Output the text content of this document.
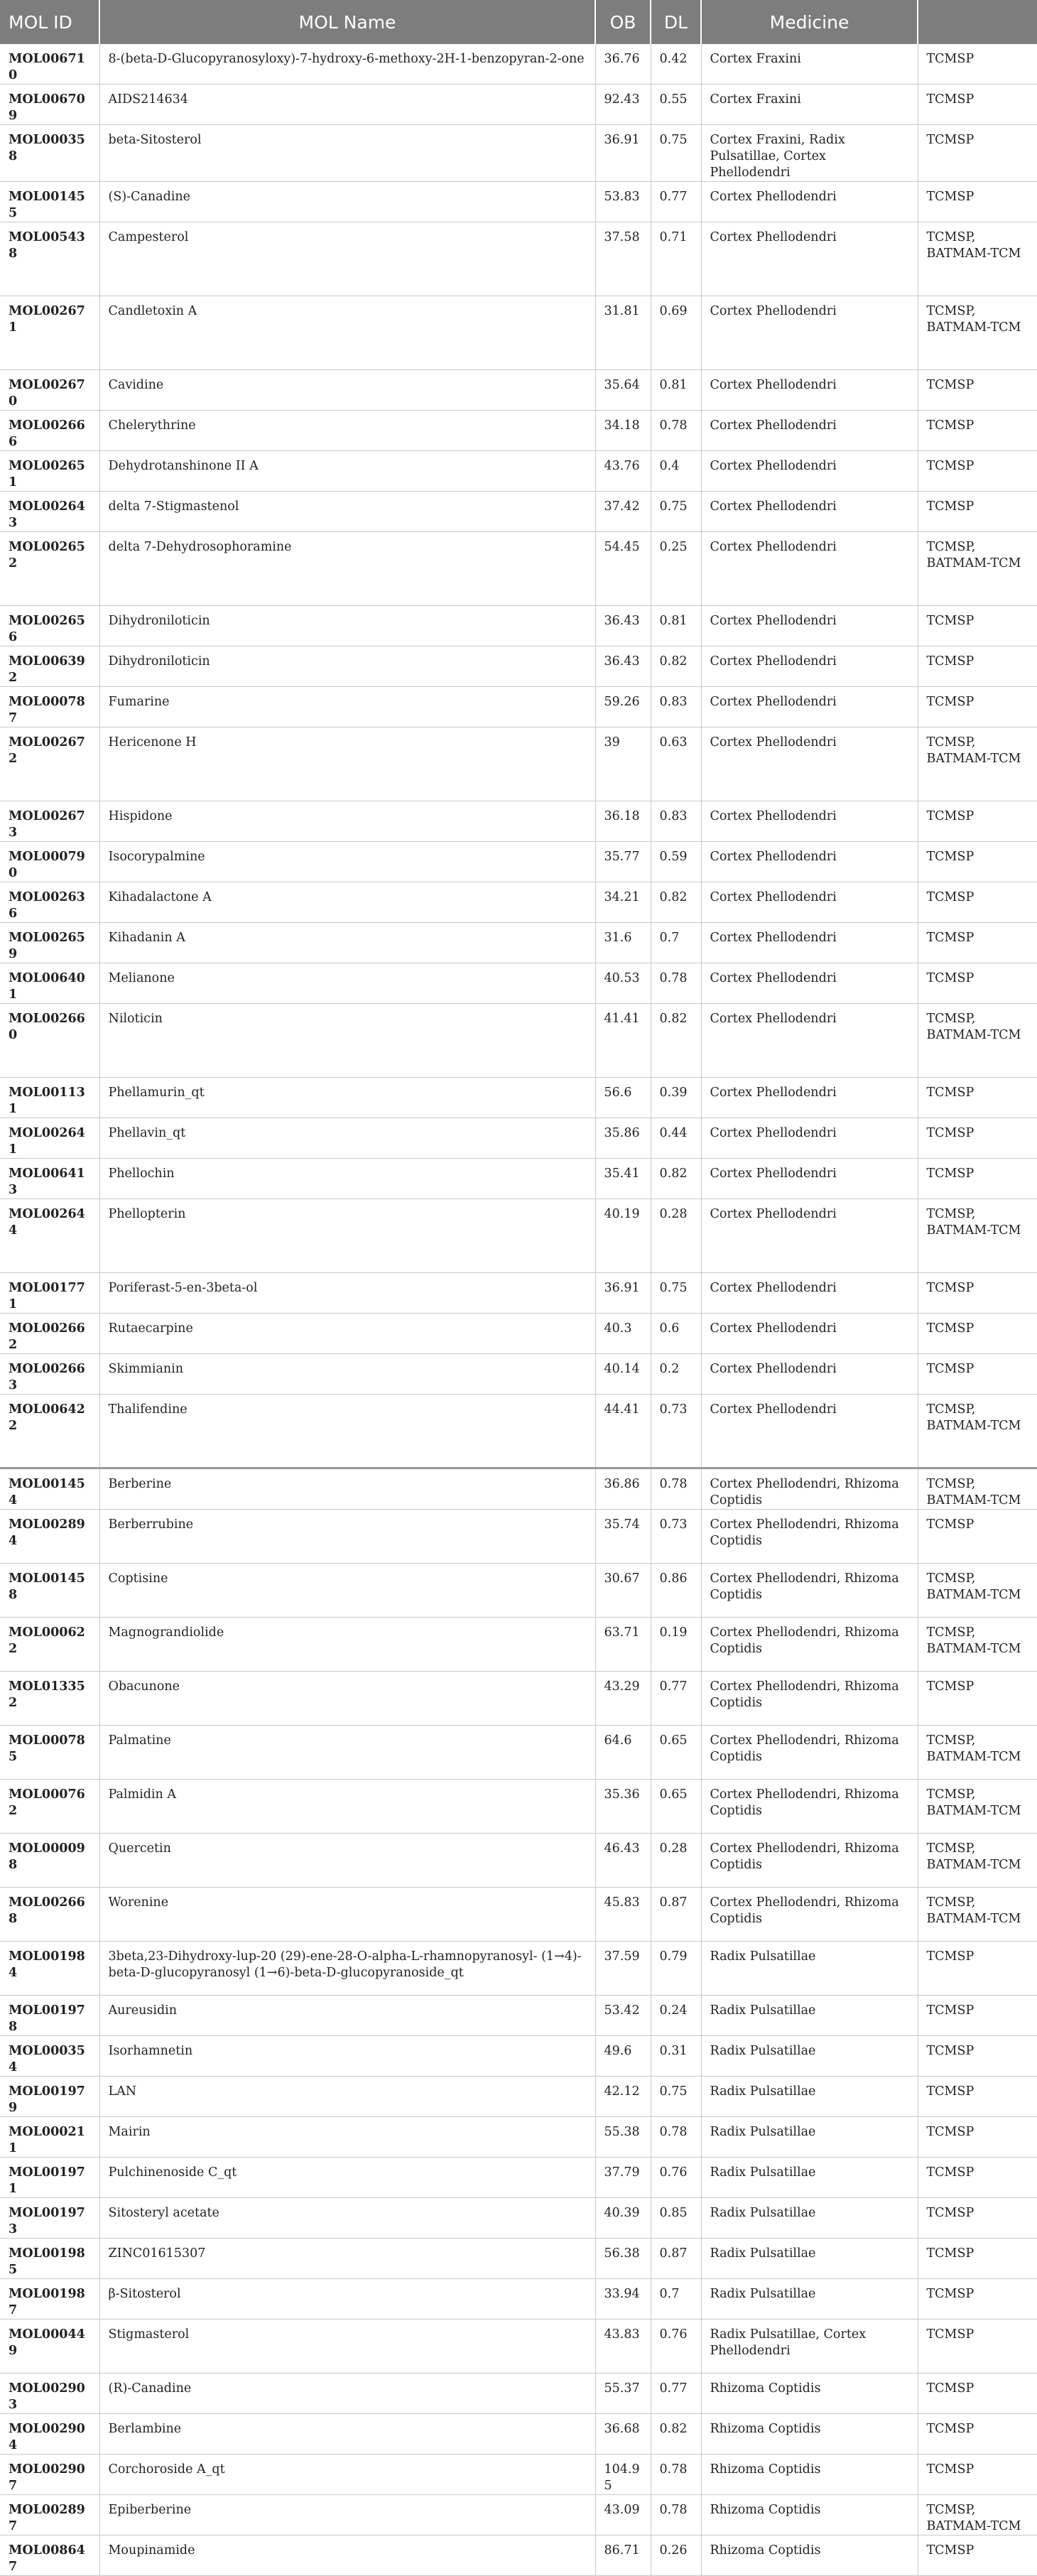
MOL ID	MOL Name	OB	DL	Medicine	
MOL006710	8-(beta-D-Glucopyranosyloxy)-7-hydroxy-6-methoxy-2H-1-benzopyran-2-one	36.76	0.42	Cortex Fraxini	TCMSP
MOL006709	AIDS214634	92.43	0.55	Cortex Fraxini	TCMSP
MOL000358	beta-Sitosterol	36.91	0.75	Cortex Fraxini, Radix Pulsatillae, Cortex Phellodendri	TCMSP
MOL001455	(S)-Canadine	53.83	0.77	Cortex Phellodendri	TCMSP
MOL005438	Campesterol	37.58	0.71	Cortex Phellodendri	TCMSP, BATMAM-TCM
MOL002671	Candletoxin A	31.81	0.69	Cortex Phellodendri	TCMSP, BATMAM-TCM
MOL002670	Cavidine	35.64	0.81	Cortex Phellodendri	TCMSP
MOL002666	Chelerythrine	34.18	0.78	Cortex Phellodendri	TCMSP
MOL002651	Dehydrotanshinone II A	43.76	0.4	Cortex Phellodendri	TCMSP
MOL002643	delta 7-Stigmastenol	37.42	0.75	Cortex Phellodendri	TCMSP
MOL002652	delta 7-Dehydrosophoramine	54.45	0.25	Cortex Phellodendri	TCMSP, BATMAM-TCM
MOL002656	Dihydroniloticin	36.43	0.81	Cortex Phellodendri	TCMSP
MOL006392	Dihydroniloticin	36.43	0.82	Cortex Phellodendri	TCMSP
MOL000787	Fumarine	59.26	0.83	Cortex Phellodendri	TCMSP
MOL002672	Hericenone H	39	0.63	Cortex Phellodendri	TCMSP, BATMAM-TCM
MOL002673	Hispidone	36.18	0.83	Cortex Phellodendri	TCMSP
MOL000790	Isocorypalmine	35.77	0.59	Cortex Phellodendri	TCMSP
MOL002636	Kihadalactone A	34.21	0.82	Cortex Phellodendri	TCMSP
MOL002659	Kihadanin A	31.6	0.7	Cortex Phellodendri	TCMSP
MOL006401	Melianone	40.53	0.78	Cortex Phellodendri	TCMSP
MOL002660	Niloticin	41.41	0.82	Cortex Phellodendri	TCMSP, BATMAM-TCM
MOL001131	Phellamurin_qt	56.6	0.39	Cortex Phellodendri	TCMSP
MOL002641	Phellavin_qt	35.86	0.44	Cortex Phellodendri	TCMSP
MOL006413	Phellochin	35.41	0.82	Cortex Phellodendri	TCMSP
MOL002644	Phellopterin	40.19	0.28	Cortex Phellodendri	TCMSP, BATMAM-TCM
MOL001771	Poriferast-5-en-3beta-ol	36.91	0.75	Cortex Phellodendri	TCMSP
MOL002662	Rutaecarpine	40.3	0.6	Cortex Phellodendri	TCMSP
MOL002663	Skimmianin	40.14	0.2	Cortex Phellodendri	TCMSP
MOL006422	Thalifendine	44.41	0.73	Cortex Phellodendri	TCMSP, BATMAM-TCM
MOL001454	Berberine	36.86	0.78	Cortex Phellodendri, Rhizoma Coptidis	TCMSP, BATMAM-TCM
MOL002894	Berberrubine	35.74	0.73	Cortex Phellodendri, Rhizoma Coptidis	TCMSP
MOL001458	Coptisine	30.67	0.86	Cortex Phellodendri, Rhizoma Coptidis	TCMSP, BATMAM-TCM
MOL000622	Magnograndiolide	63.71	0.19	Cortex Phellodendri, Rhizoma Coptidis	TCMSP, BATMAM-TCM
MOL013352	Obacunone	43.29	0.77	Cortex Phellodendri, Rhizoma Coptidis	TCMSP
MOL000785	Palmatine	64.6	0.65	Cortex Phellodendri, Rhizoma Coptidis	TCMSP, BATMAM-TCM
MOL000762	Palmidin A	35.36	0.65	Cortex Phellodendri, Rhizoma Coptidis	TCMSP, BATMAM-TCM
MOL000098	Quercetin	46.43	0.28	Cortex Phellodendri, Rhizoma Coptidis	TCMSP, BATMAM-TCM
MOL002668	Worenine	45.83	0.87	Cortex Phellodendri, Rhizoma Coptidis	TCMSP, BATMAM-TCM
MOL001984	3beta,23-Dihydroxy-lup-20 (29)-ene-28-O-alpha-L-rhamnopyranosyl- (1→4)-beta-D-glucopyranosyl (1→6)-beta-D-glucopyranoside_qt	37.59	0.79	Radix Pulsatillae	TCMSP
MOL001978	Aureusidin	53.42	0.24	Radix Pulsatillae	TCMSP
MOL000354	Isorhamnetin	49.6	0.31	Radix Pulsatillae	TCMSP
MOL001979	LAN	42.12	0.75	Radix Pulsatillae	TCMSP
MOL000211	Mairin	55.38	0.78	Radix Pulsatillae	TCMSP
MOL001971	Pulchinenoside C_qt	37.79	0.76	Radix Pulsatillae	TCMSP
MOL001973	Sitosteryl acetate	40.39	0.85	Radix Pulsatillae	TCMSP
MOL001985	ZINC01615307	56.38	0.87	Radix Pulsatillae	TCMSP
MOL001987	β-Sitosterol	33.94	0.7	Radix Pulsatillae	TCMSP
MOL000449	Stigmasterol	43.83	0.76	Radix Pulsatillae, Cortex Phellodendri	TCMSP
MOL002903	(R)-Canadine	55.37	0.77	Rhizoma Coptidis	TCMSP
MOL002904	Berlambine	36.68	0.82	Rhizoma Coptidis	TCMSP
MOL002907	Corchoroside A_qt	104.95	0.78	Rhizoma Coptidis	TCMSP
MOL002897	Epiberberine	43.09	0.78	Rhizoma Coptidis	TCMSP, BATMAM-TCM
MOL008647	Moupinamide	86.71	0.26	Rhizoma Coptidis	TCMSP
